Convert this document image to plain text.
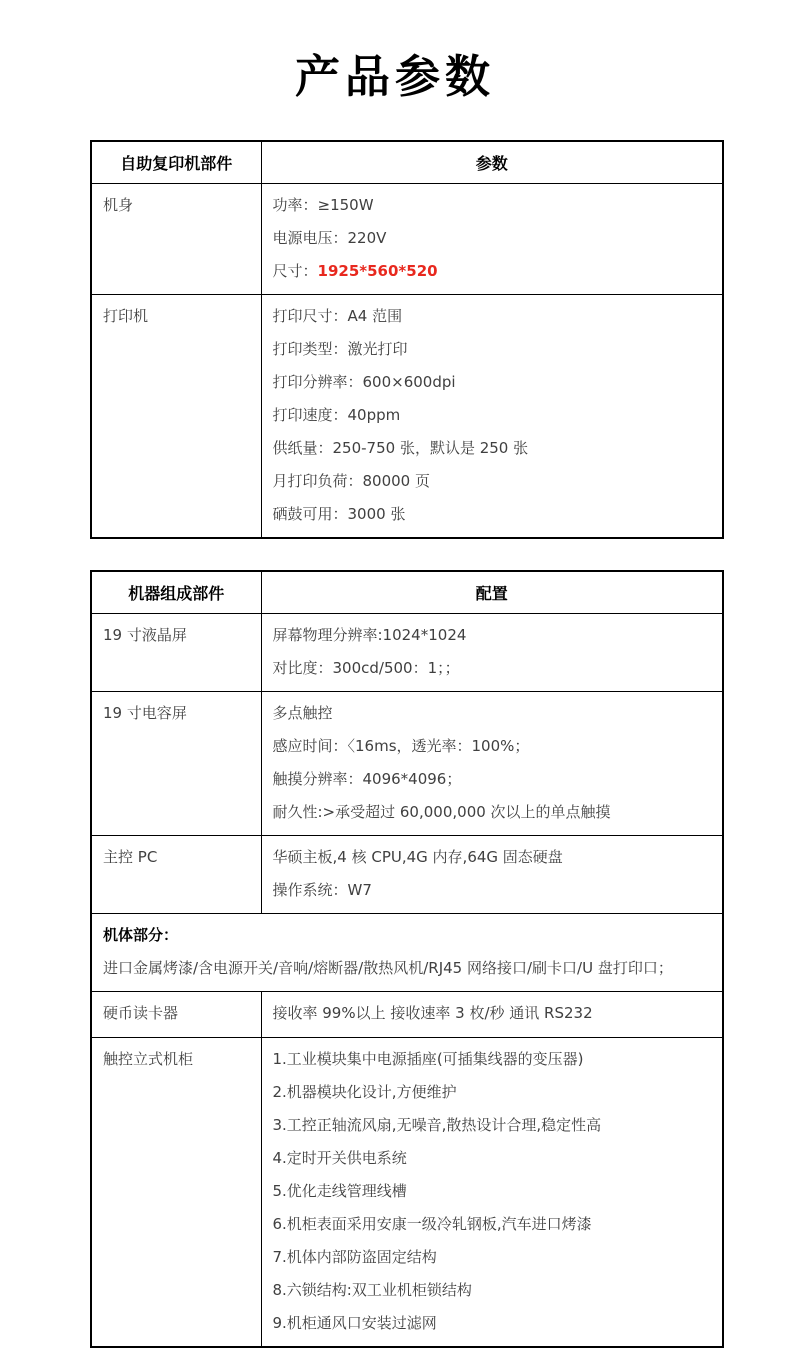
产品参数
自助复印机部件	参数

机身	功率：≥150W
电源电压：220V
尺寸：1925*560*520

打印机	打印尺寸：A4 范围
打印类型：激光打印
打印分辨率：600×600dpi
打印速度：40ppm
供纸量：250-750 张，默认是 250 张
月打印负荷：80000 页
硒鼓可用：3000 张
机器组成部件	配置

19 寸液晶屏	屏幕物理分辨率:1024*1024
对比度：300cd/500：1；；

19 寸电容屏	多点触控
感应时间：〈16ms，透光率：100%；
触摸分辨率：4096*4096；
耐久性:>承受超过 60,000,000 次以上的单点触摸

主控 PC	华硕主板,4 核 CPU,4G 内存,64G 固态硬盘
操作系统：W7

机体部分：
进口金属烤漆/含电源开关/音响/熔断器/散热风机/RJ45 网络接口/刷卡口/U 盘打印口；	

硬币读卡器	接收率 99%以上 接收速率 3 枚/秒 通讯 RS232

触控立式机柜	1.工业模块集中电源插座(可插集线器的变压器)
2.机器模块化设计,方便维护
3.工控正轴流风扇,无噪音,散热设计合理,稳定性高
4.定时开关供电系统
5.优化走线管理线槽
6.机柜表面采用安康一级冷轧钢板,汽车进口烤漆
7.机体内部防盗固定结构
8.六锁结构:双工业机柜锁结构
9.机柜通风口安装过滤网
